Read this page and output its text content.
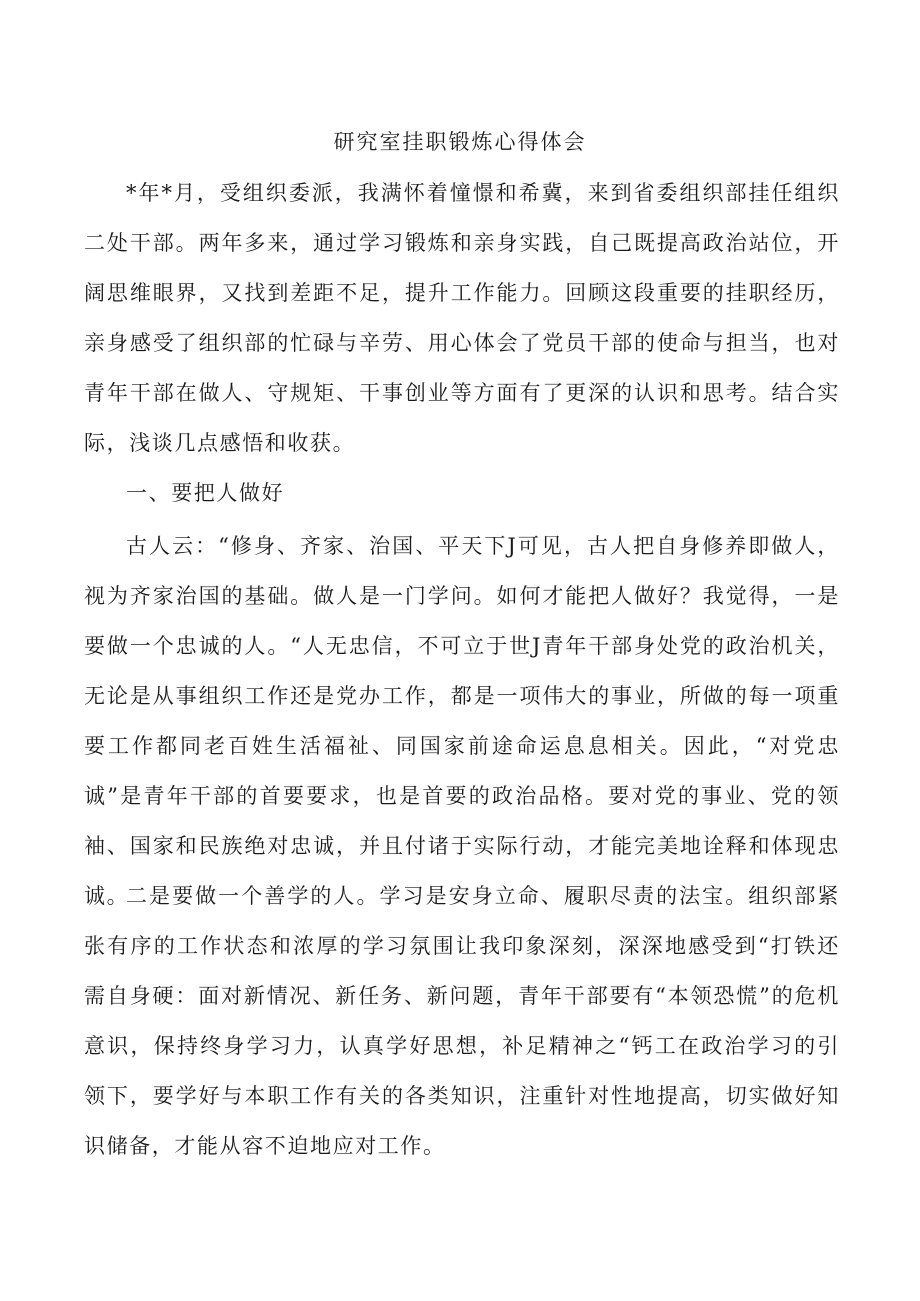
研究室挂职锻炼心得体会

*年*月，受组织委派，我满怀着憧憬和希冀，来到省委组织部挂任组织二处干部。两年多来，通过学习锻炼和亲身实践，自己既提高政治站位，开阔思维眼界，又找到差距不足，提升工作能力。回顾这段重要的挂职经历，亲身感受了组织部的忙碌与辛劳、用心体会了党员干部的使命与担当，也对青年干部在做人、守规矩、干事创业等方面有了更深的认识和思考。结合实际，浅谈几点感悟和收获。

一、要把人做好

古人云：“修身、齐家、治国、平天下J可见，古人把自身修养即做人，视为齐家治国的基础。做人是一门学问。如何才能把人做好？我觉得，一是要做一个忠诚的人。“人无忠信，不可立于世J青年干部身处党的政治机关，无论是从事组织工作还是党办工作，都是一项伟大的事业，所做的每一项重要工作都同老百姓生活福祉、同国家前途命运息息相关。因此，“对党忠诚”是青年干部的首要要求，也是首要的政治品格。要对党的事业、党的领袖、国家和民族绝对忠诚，并且付诸于实际行动，才能完美地诠释和体现忠诚。

二是要做一个善学的人。学习是安身立命、履职尽责的法宝。组织部紧张有序的工作状态和浓厚的学习氛围让我印象深刻，深深地感受到“打铁还需自身硬：面对新情况、新任务、新问题，青年干部要有“本领恐慌”的危机意识，保持终身学习力，认真学好思想，补足精神之“钙工在政治学习的引领下，要学好与本职工作有关的各类知识，注重针对性地提高，切实做好知识储备，才能从容不迫地应对工作。
